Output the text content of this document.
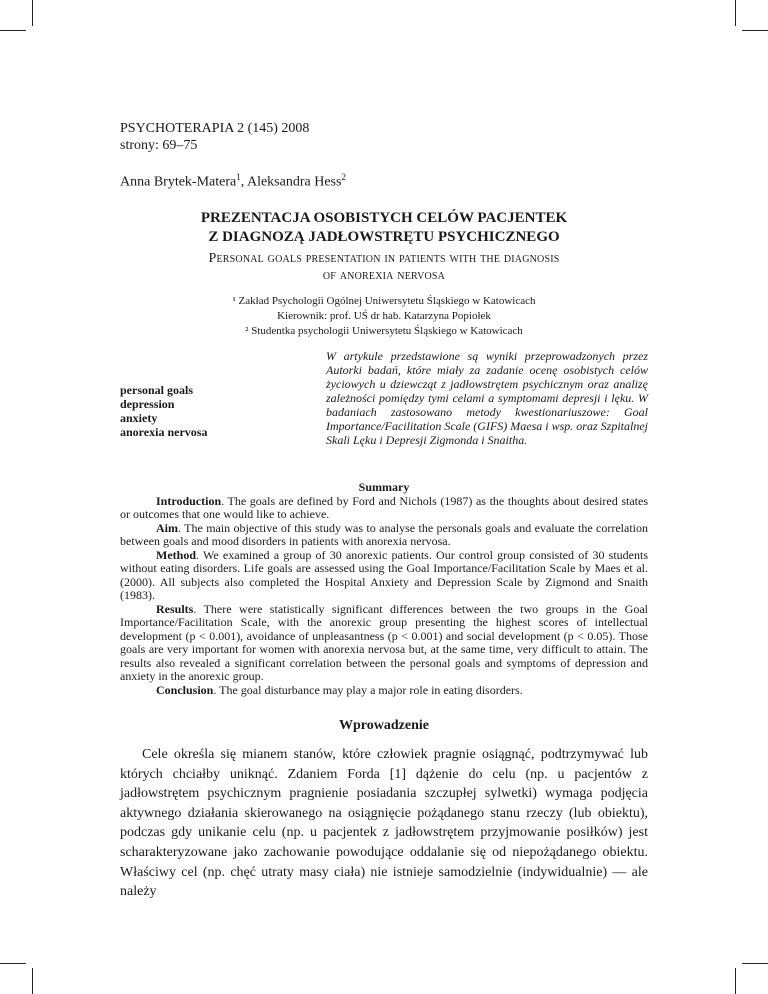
PSYCHOTERAPIA 2 (145) 2008
strony: 69–75
Anna Brytek-Matera$^1$, Aleksandra Hess$^2$
PREZENTACJA OSOBISTYCH CELÓW PACJENTEK
Z DIAGNOZĄ JADŁOWSTRĘTU PSYCHICZNEGO
Personal goals presentation in patients with the diagnosis
of anorexia nervosa
¹ Zakład Psychologii Ogólnej Uniwersytetu Śląskiego w Katowicach
Kierownik: prof. UŚ dr hab. Katarzyna Popiołek
² Studentka psychologii Uniwersytetu Śląskiego w Katowicach
personal goals
depression
anxiety
anorexia nervosa
W artykule przedstawione są wyniki przeprowadzonych przez Autorki badań, które miały za zadanie ocenę osobistych celów życiowych u dziewcząt z jadłowstrętem psychicznym oraz analizę zależności pomiędzy tymi celami a symptomami depresji i lęku. W badaniach zastosowano metody kwestionariuszowe: Goal Importance/Facilitation Scale (GIFS) Maesa i wsp. oraz Szpitalnej Skali Lęku i Depresji Zigmonda i Snaitha.
Summary

Introduction. The goals are defined by Ford and Nichols (1987) as the thoughts about desired states or outcomes that one would like to achieve.

Aim. The main objective of this study was to analyse the personals goals and evaluate the correlation between goals and mood disorders in patients with anorexia nervosa.

Method. We examined a group of 30 anorexic patients. Our control group consisted of 30 students without eating disorders. Life goals are assessed using the Goal Importance/Facilitation Scale by Maes et al. (2000). All subjects also completed the Hospital Anxiety and Depression Scale by Zigmond and Snaith (1983).

Results. There were statistically significant differences between the two groups in the Goal Importance/Facilitation Scale, with the anorexic group presenting the highest scores of intellectual development (p < 0.001), avoidance of unpleasantness (p < 0.001) and social development (p < 0.05). Those goals are very important for women with anorexia nervosa but, at the same time, very difficult to attain. The results also revealed a significant correlation between the personal goals and symptoms of depression and anxiety in the anorexic group.

Conclusion. The goal disturbance may play a major role in eating disorders.

Wprowadzenie
Cele określa się mianem stanów, które człowiek pragnie osiągnąć, podtrzymywać lub których chciałby uniknąć. Zdaniem Forda [1] dążenie do celu (np. u pacjentów z jadłowstrętem psychicznym pragnienie posiadania szczupłej sylwetki) wymaga podjęcia aktywnego działania skierowanego na osiągnięcie pożądanego stanu rzeczy (lub obiektu), podczas gdy unikanie celu (np. u pacjentek z jadłowstrętem przyjmowanie posiłków) jest scharakteryzowane jako zachowanie powodujące oddalanie się od niepożądanego obiektu. Właściwy cel (np. chęć utraty masy ciała) nie istnieje samodzielnie (indywidualnie) — ale należy
